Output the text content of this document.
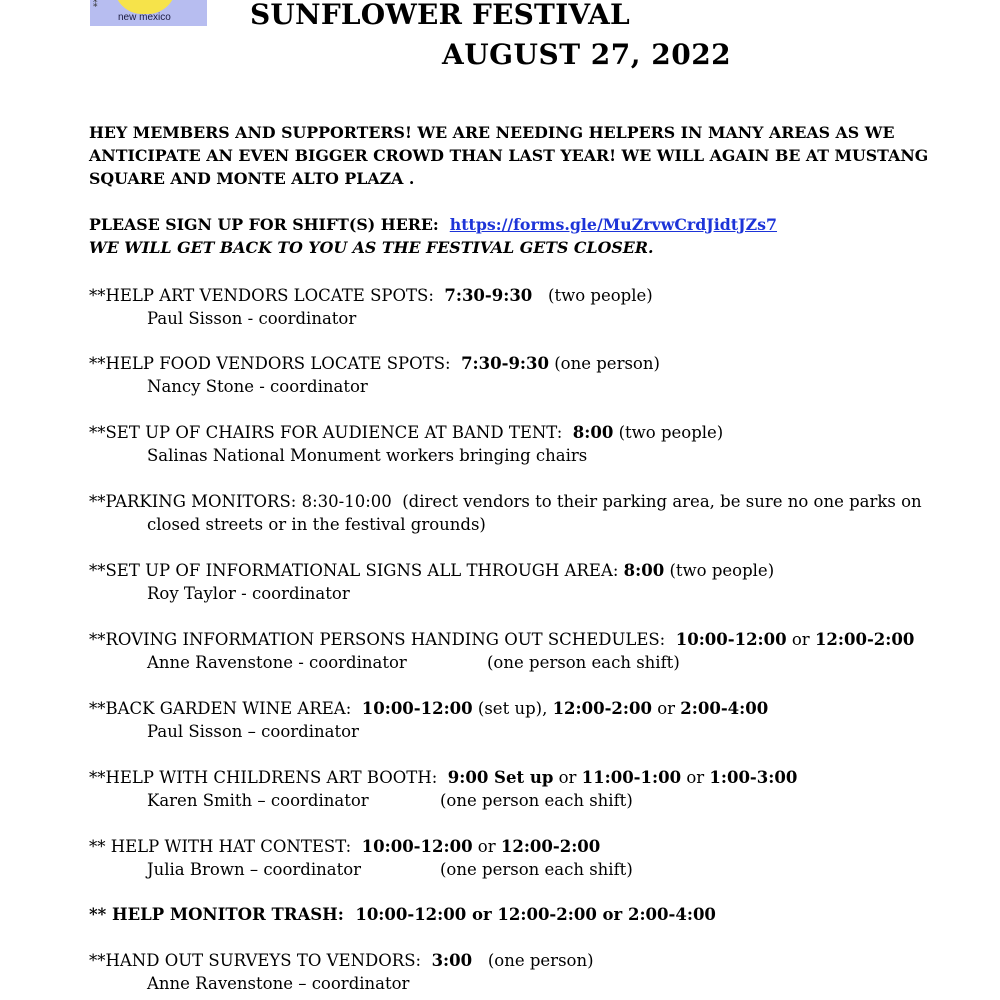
⁑
new mexico	SUNFLOWER FESTIVAL
AUGUST 27, 2022
HEY MEMBERS AND SUPPORTERS! WE ARE NEEDING HELPERS IN MANY AREAS AS WE ANTICIPATE AN EVEN BIGGER CROWD THAN LAST YEAR! WE WILL AGAIN BE AT MUSTANG SQUARE AND MONTE ALTO PLAZA .
PLEASE SIGN UP FOR SHIFT(S) HERE:  https://forms.gle/MuZrvwCrdJidtJZs7
WE WILL GET BACK TO YOU AS THE FESTIVAL GETS CLOSER.
**HELP ART VENDORS LOCATE SPOTS:  7:30-9:30   (two people)
Paul Sisson - coordinator
**HELP FOOD VENDORS LOCATE SPOTS:  7:30-9:30 (one person)
Nancy Stone - coordinator
**SET UP OF CHAIRS FOR AUDIENCE AT BAND TENT:  8:00 (two people)
Salinas National Monument workers bringing chairs
**PARKING MONITORS: 8:30-10:00  (direct vendors to their parking area, be sure no one parks on
closed streets or in the festival grounds)
**SET UP OF INFORMATIONAL SIGNS ALL THROUGH AREA: 8:00 (two people)
Roy Taylor - coordinator
**ROVING INFORMATION PERSONS HANDING OUT SCHEDULES:  10:00-12:00 or 12:00-2:00
Anne Ravenstone - coordinator	(one person each shift)
**BACK GARDEN WINE AREA:  10:00-12:00 (set up), 12:00-2:00 or 2:00-4:00
Paul Sisson – coordinator
**HELP WITH CHILDRENS ART BOOTH:  9:00 Set up or 11:00-1:00 or 1:00-3:00
Karen Smith – coordinator	(one person each shift)
** HELP WITH HAT CONTEST:  10:00-12:00 or 12:00-2:00
Julia Brown – coordinator	(one person each shift)
** HELP MONITOR TRASH:  10:00-12:00 or 12:00-2:00 or 2:00-4:00
**HAND OUT SURVEYS TO VENDORS:  3:00   (one person)
Anne Ravenstone – coordinator
